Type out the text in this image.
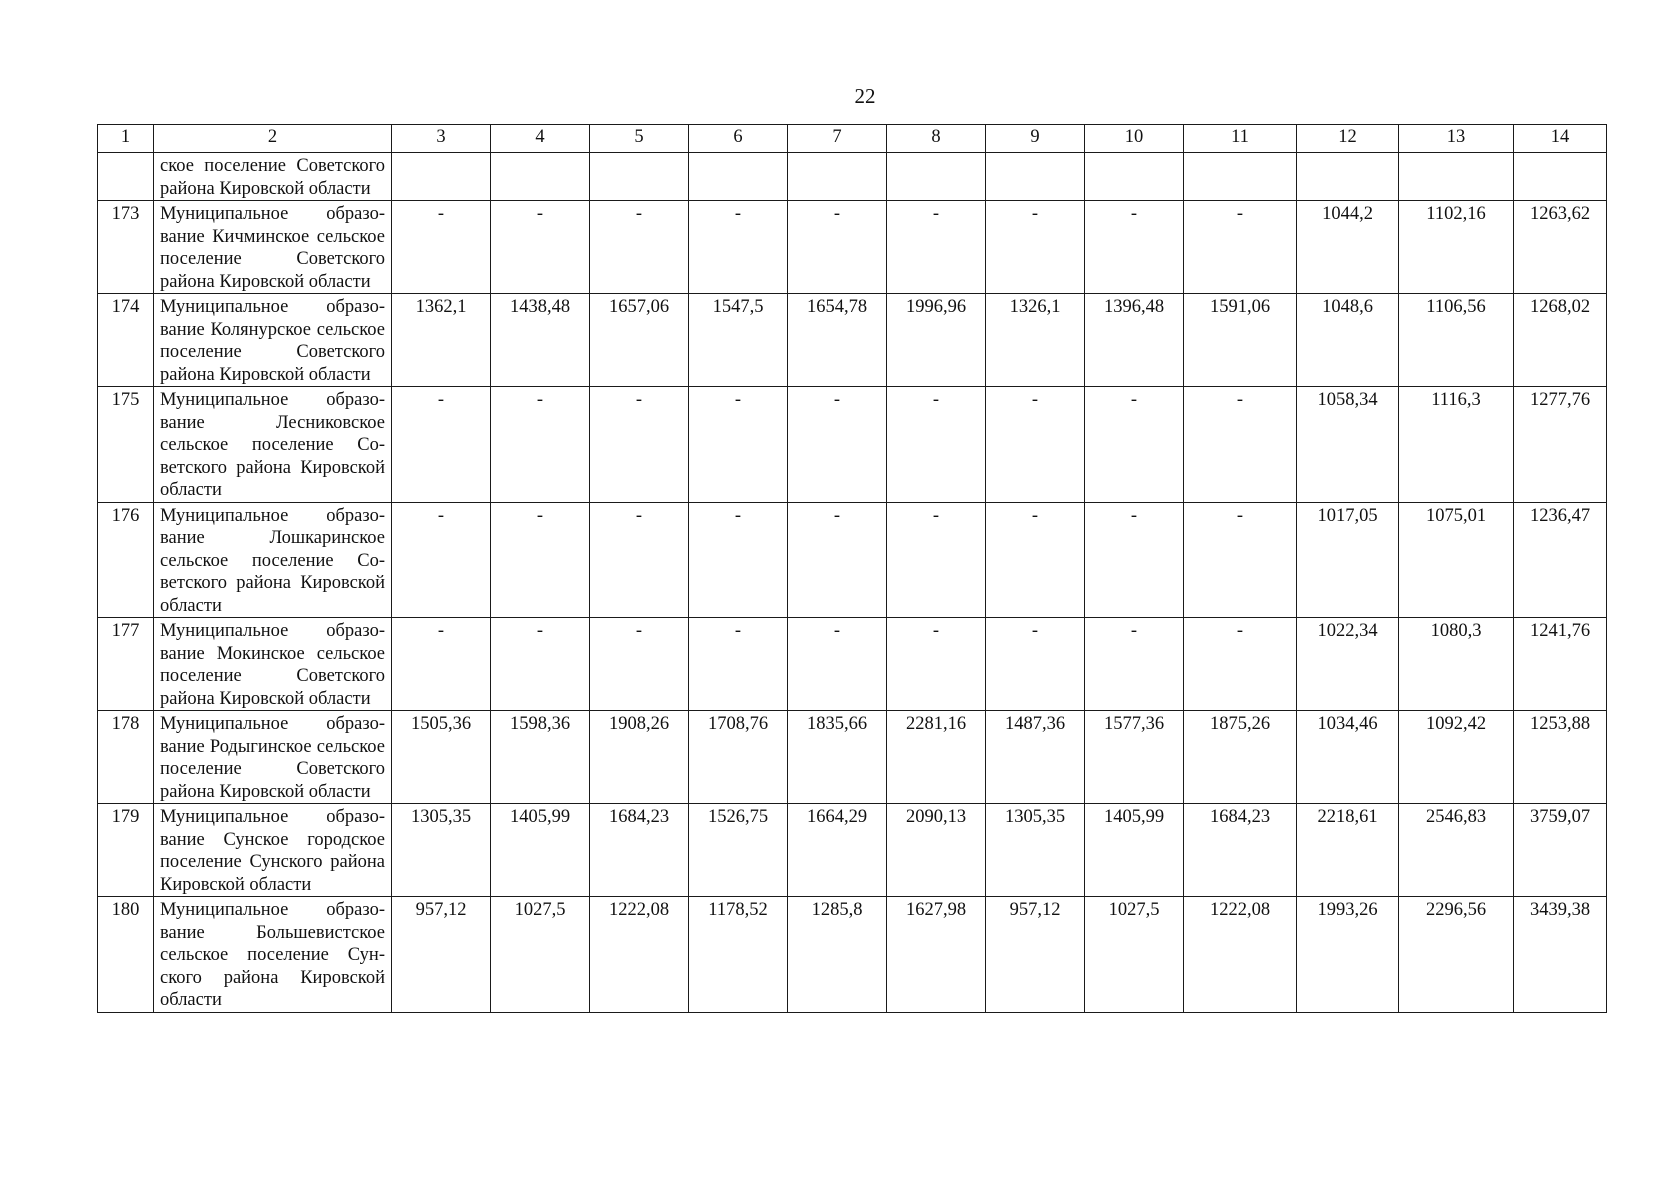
22
1	2	3	4	5	6	7	8	9	10	11	12	13	14
	ское поселение Советского района Кировской области												
173	Муниципальное образование Кичминское сельское поселение Советского района Кировской области	-	-	-	-	-	-	-	-	-	1044,2	1102,16	1263,62
174	Муниципальное образование Колянурское сельское поселение Советского района Кировской области	1362,1	1438,48	1657,06	1547,5	1654,78	1996,96	1326,1	1396,48	1591,06	1048,6	1106,56	1268,02
175	Муниципальное образование Лесниковское сельское поселение Советского района Кировской области	-	-	-	-	-	-	-	-	-	1058,34	1116,3	1277,76
176	Муниципальное образование Лошкаринское сельское поселение Советского района Кировской области	-	-	-	-	-	-	-	-	-	1017,05	1075,01	1236,47
177	Муниципальное образование Мокинское сельское поселение Советского района Кировской области	-	-	-	-	-	-	-	-	-	1022,34	1080,3	1241,76
178	Муниципальное образование Родыгинское сельское поселение Советского района Кировской области	1505,36	1598,36	1908,26	1708,76	1835,66	2281,16	1487,36	1577,36	1875,26	1034,46	1092,42	1253,88
179	Муниципальное образование Сунское городское поселение Сунского района Кировской области	1305,35	1405,99	1684,23	1526,75	1664,29	2090,13	1305,35	1405,99	1684,23	2218,61	2546,83	3759,07
180	Муниципальное образование Большевистское сельское поселение Сунского района Кировской области	957,12	1027,5	1222,08	1178,52	1285,8	1627,98	957,12	1027,5	1222,08	1993,26	2296,56	3439,38
